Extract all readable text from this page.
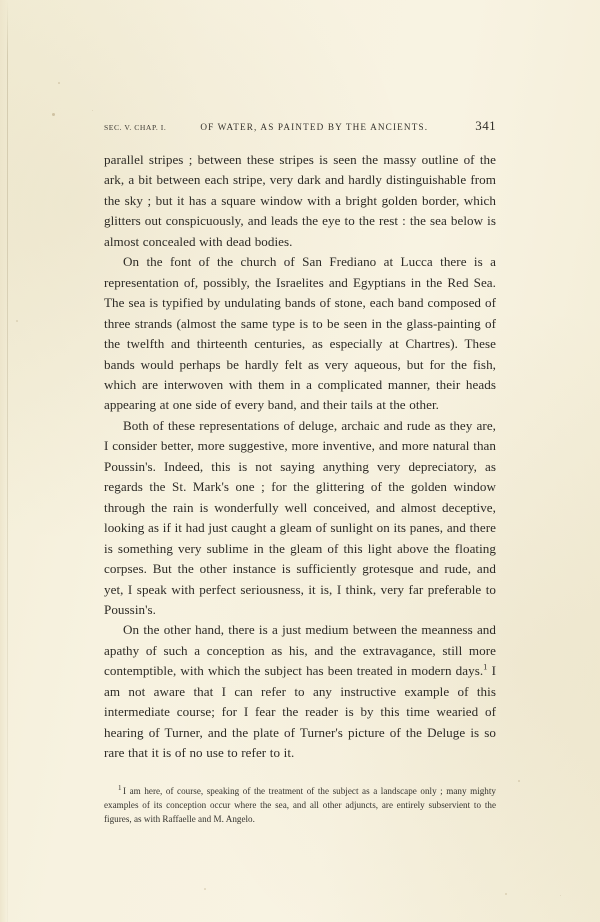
SEC. V. CHAP. I.	OF WATER, AS PAINTED BY THE ANCIENTS.	341

parallel stripes ; between these stripes is seen the massy outline of the ark, a bit between each stripe, very dark and hardly distinguishable from the sky ; but it has a square window with a bright golden border, which glitters out conspicuously, and leads the eye to the rest : the sea below is almost concealed with dead bodies.

On the font of the church of San Frediano at Lucca there is a representation of, possibly, the Israelites and Egyptians in the Red Sea. The sea is typified by undulating bands of stone, each band composed of three strands (almost the same type is to be seen in the glass-painting of the twelfth and thirteenth centuries, as especially at Chartres). These bands would perhaps be hardly felt as very aqueous, but for the fish, which are interwoven with them in a complicated manner, their heads appearing at one side of every band, and their tails at the other.

Both of these representations of deluge, archaic and rude as they are, I consider better, more suggestive, more inventive, and more natural than Poussin's. Indeed, this is not saying anything very depreciatory, as regards the St. Mark's one ; for the glittering of the golden window through the rain is wonderfully well conceived, and almost deceptive, looking as if it had just caught a gleam of sunlight on its panes, and there is something very sublime in the gleam of this light above the floating corpses. But the other instance is sufficiently grotesque and rude, and yet, I speak with perfect seriousness, it is, I think, very far preferable to Poussin's.

On the other hand, there is a just medium between the meanness and apathy of such a conception as his, and the extravagance, still more contemptible, with which the subject has been treated in modern days.$^1$ I am not aware that I can refer to any instructive example of this intermediate course; for I fear the reader is by this time wearied of hearing of Turner, and the plate of Turner's picture of the Deluge is so rare that it is of no use to refer to it.

$^1$ I am here, of course, speaking of the treatment of the subject as a landscape only ; many mighty examples of its conception occur where the sea, and all other adjuncts, are entirely subservient to the figures, as with Raffaelle and M. Angelo.
